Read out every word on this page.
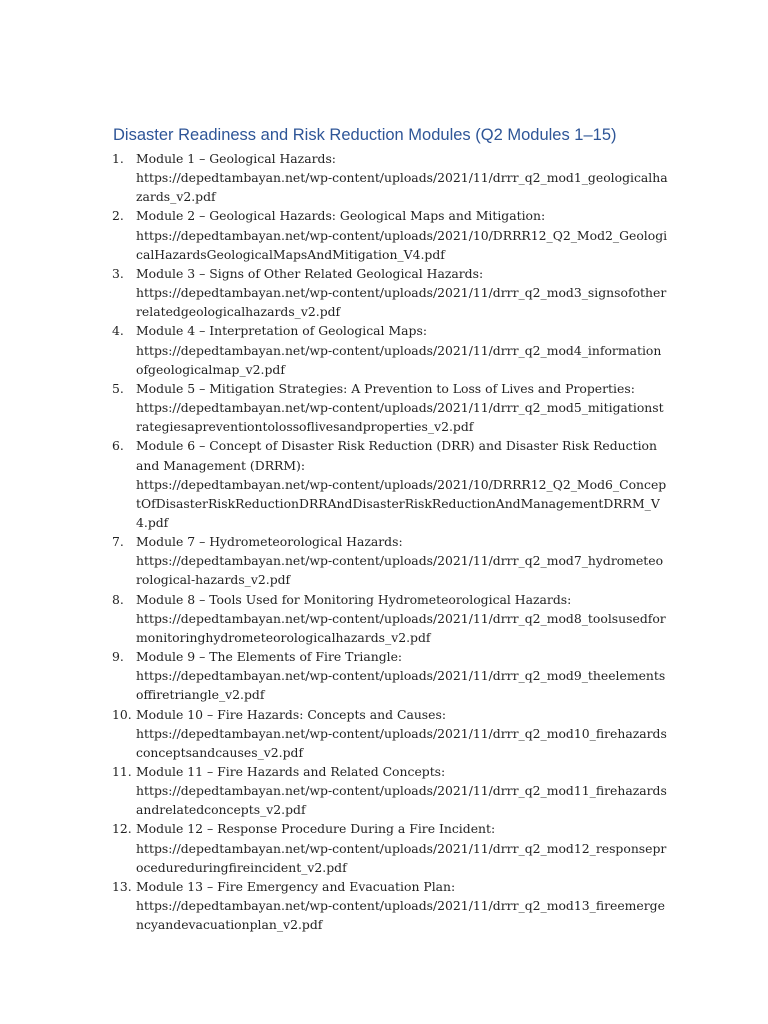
Disaster Readiness and Risk Reduction Modules (Q2 Modules 1–15)
1. Module 1 – Geological Hazards:
https://depedtambayan.net/wp-content/uploads/2021/11/drrr_q2_mod1_geologicalhazards_v2.pdf
2. Module 2 – Geological Hazards: Geological Maps and Mitigation:
https://depedtambayan.net/wp-content/uploads/2021/10/DRRR12_Q2_Mod2_GeologicalHazardsGeologicalMapsAndMitigation_V4.pdf
3. Module 3 – Signs of Other Related Geological Hazards:
https://depedtambayan.net/wp-content/uploads/2021/11/drrr_q2_mod3_signsofotherrelatedgeologicalhazards_v2.pdf
4. Module 4 – Interpretation of Geological Maps:
https://depedtambayan.net/wp-content/uploads/2021/11/drrr_q2_mod4_informationofgeologicalmap_v2.pdf
5. Module 5 – Mitigation Strategies: A Prevention to Loss of Lives and Properties:
https://depedtambayan.net/wp-content/uploads/2021/11/drrr_q2_mod5_mitigationstrategiesapreventiontolossoflivesandproperties_v2.pdf
6. Module 6 – Concept of Disaster Risk Reduction (DRR) and Disaster Risk Reduction and Management (DRRM):
https://depedtambayan.net/wp-content/uploads/2021/10/DRRR12_Q2_Mod6_ConceptOfDisasterRiskReductionDRRAndDisasterRiskReductionAndManagementDRRM_V4.pdf
7. Module 7 – Hydrometeorological Hazards:
https://depedtambayan.net/wp-content/uploads/2021/11/drrr_q2_mod7_hydrometeorological-hazards_v2.pdf
8. Module 8 – Tools Used for Monitoring Hydrometeorological Hazards:
https://depedtambayan.net/wp-content/uploads/2021/11/drrr_q2_mod8_toolsusedformonitoringhydrometeorologicalhazards_v2.pdf
9. Module 9 – The Elements of Fire Triangle:
https://depedtambayan.net/wp-content/uploads/2021/11/drrr_q2_mod9_theelementsoffiretriangle_v2.pdf
10. Module 10 – Fire Hazards: Concepts and Causes:
https://depedtambayan.net/wp-content/uploads/2021/11/drrr_q2_mod10_firehazardsconceptsandcauses_v2.pdf
11. Module 11 – Fire Hazards and Related Concepts:
https://depedtambayan.net/wp-content/uploads/2021/11/drrr_q2_mod11_firehazardsandrelatedconcepts_v2.pdf
12. Module 12 – Response Procedure During a Fire Incident:
https://depedtambayan.net/wp-content/uploads/2021/11/drrr_q2_mod12_responseprocedureduringfireincident_v2.pdf
13. Module 13 – Fire Emergency and Evacuation Plan:
https://depedtambayan.net/wp-content/uploads/2021/11/drrr_q2_mod13_fireemergencyandevacuationplan_v2.pdf
